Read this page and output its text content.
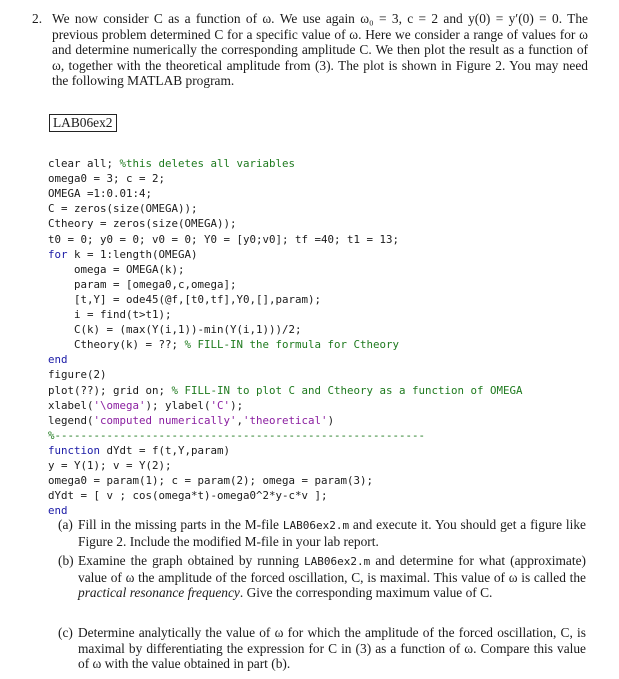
2. We now consider C as a function of ω. We use again ω₀ = 3, c = 2 and y(0) = y′(0) = 0. The previous problem determined C for a specific value of ω. Here we consider a range of values for ω and determine numerically the corresponding amplitude C. We then plot the result as a function of ω, together with the theoretical amplitude from (3). The plot is shown in Figure 2. You may need the following MATLAB program.
LAB06ex2

clear all; %this deletes all variables
omega0 = 3; c = 2;
OMEGA =1:0.01:4;
C = zeros(size(OMEGA));
Ctheory = zeros(size(OMEGA));
t0 = 0; y0 = 0; v0 = 0; Y0 = [y0;v0]; tf =40; t1 = 13;
for k = 1:length(OMEGA)
omega = OMEGA(k);
param = [omega0,c,omega];
[t,Y] = ode45(@f,[t0,tf],Y0,[],param);
i = find(t>t1);
C(k) = (max(Y(i,1))-min(Y(i,1)))/2;
Ctheory(k) = ??; % FILL-IN the formula for Ctheory
end
figure(2)
plot(??); grid on; % FILL-IN to plot C and Ctheory as a function of OMEGA
xlabel('\omega'); ylabel('C');
legend('computed numerically','theoretical')
%---------------------------------------------------------
function dYdt = f(t,Y,param)
y = Y(1); v = Y(2);
omega0 = param(1); c = param(2); omega = param(3);
dYdt = [ v ; cos(omega*t)-omega0^2*y-c*v ];
end

(a) Fill in the missing parts in the M-file LAB06ex2.m and execute it. You should get a figure like Figure 2. Include the modified M-file in your lab report.
(b) Examine the graph obtained by running LAB06ex2.m and determine for what (approximate) value of ω the amplitude of the forced oscillation, C, is maximal. This value of ω is called the practical resonance frequency. Give the corresponding maximum value of C.
(c) Determine analytically the value of ω for which the amplitude of the forced oscillation, C, is maximal by differentiating the expression for C in (3) as a function of ω. Compare this value of ω with the value obtained in part (b).
